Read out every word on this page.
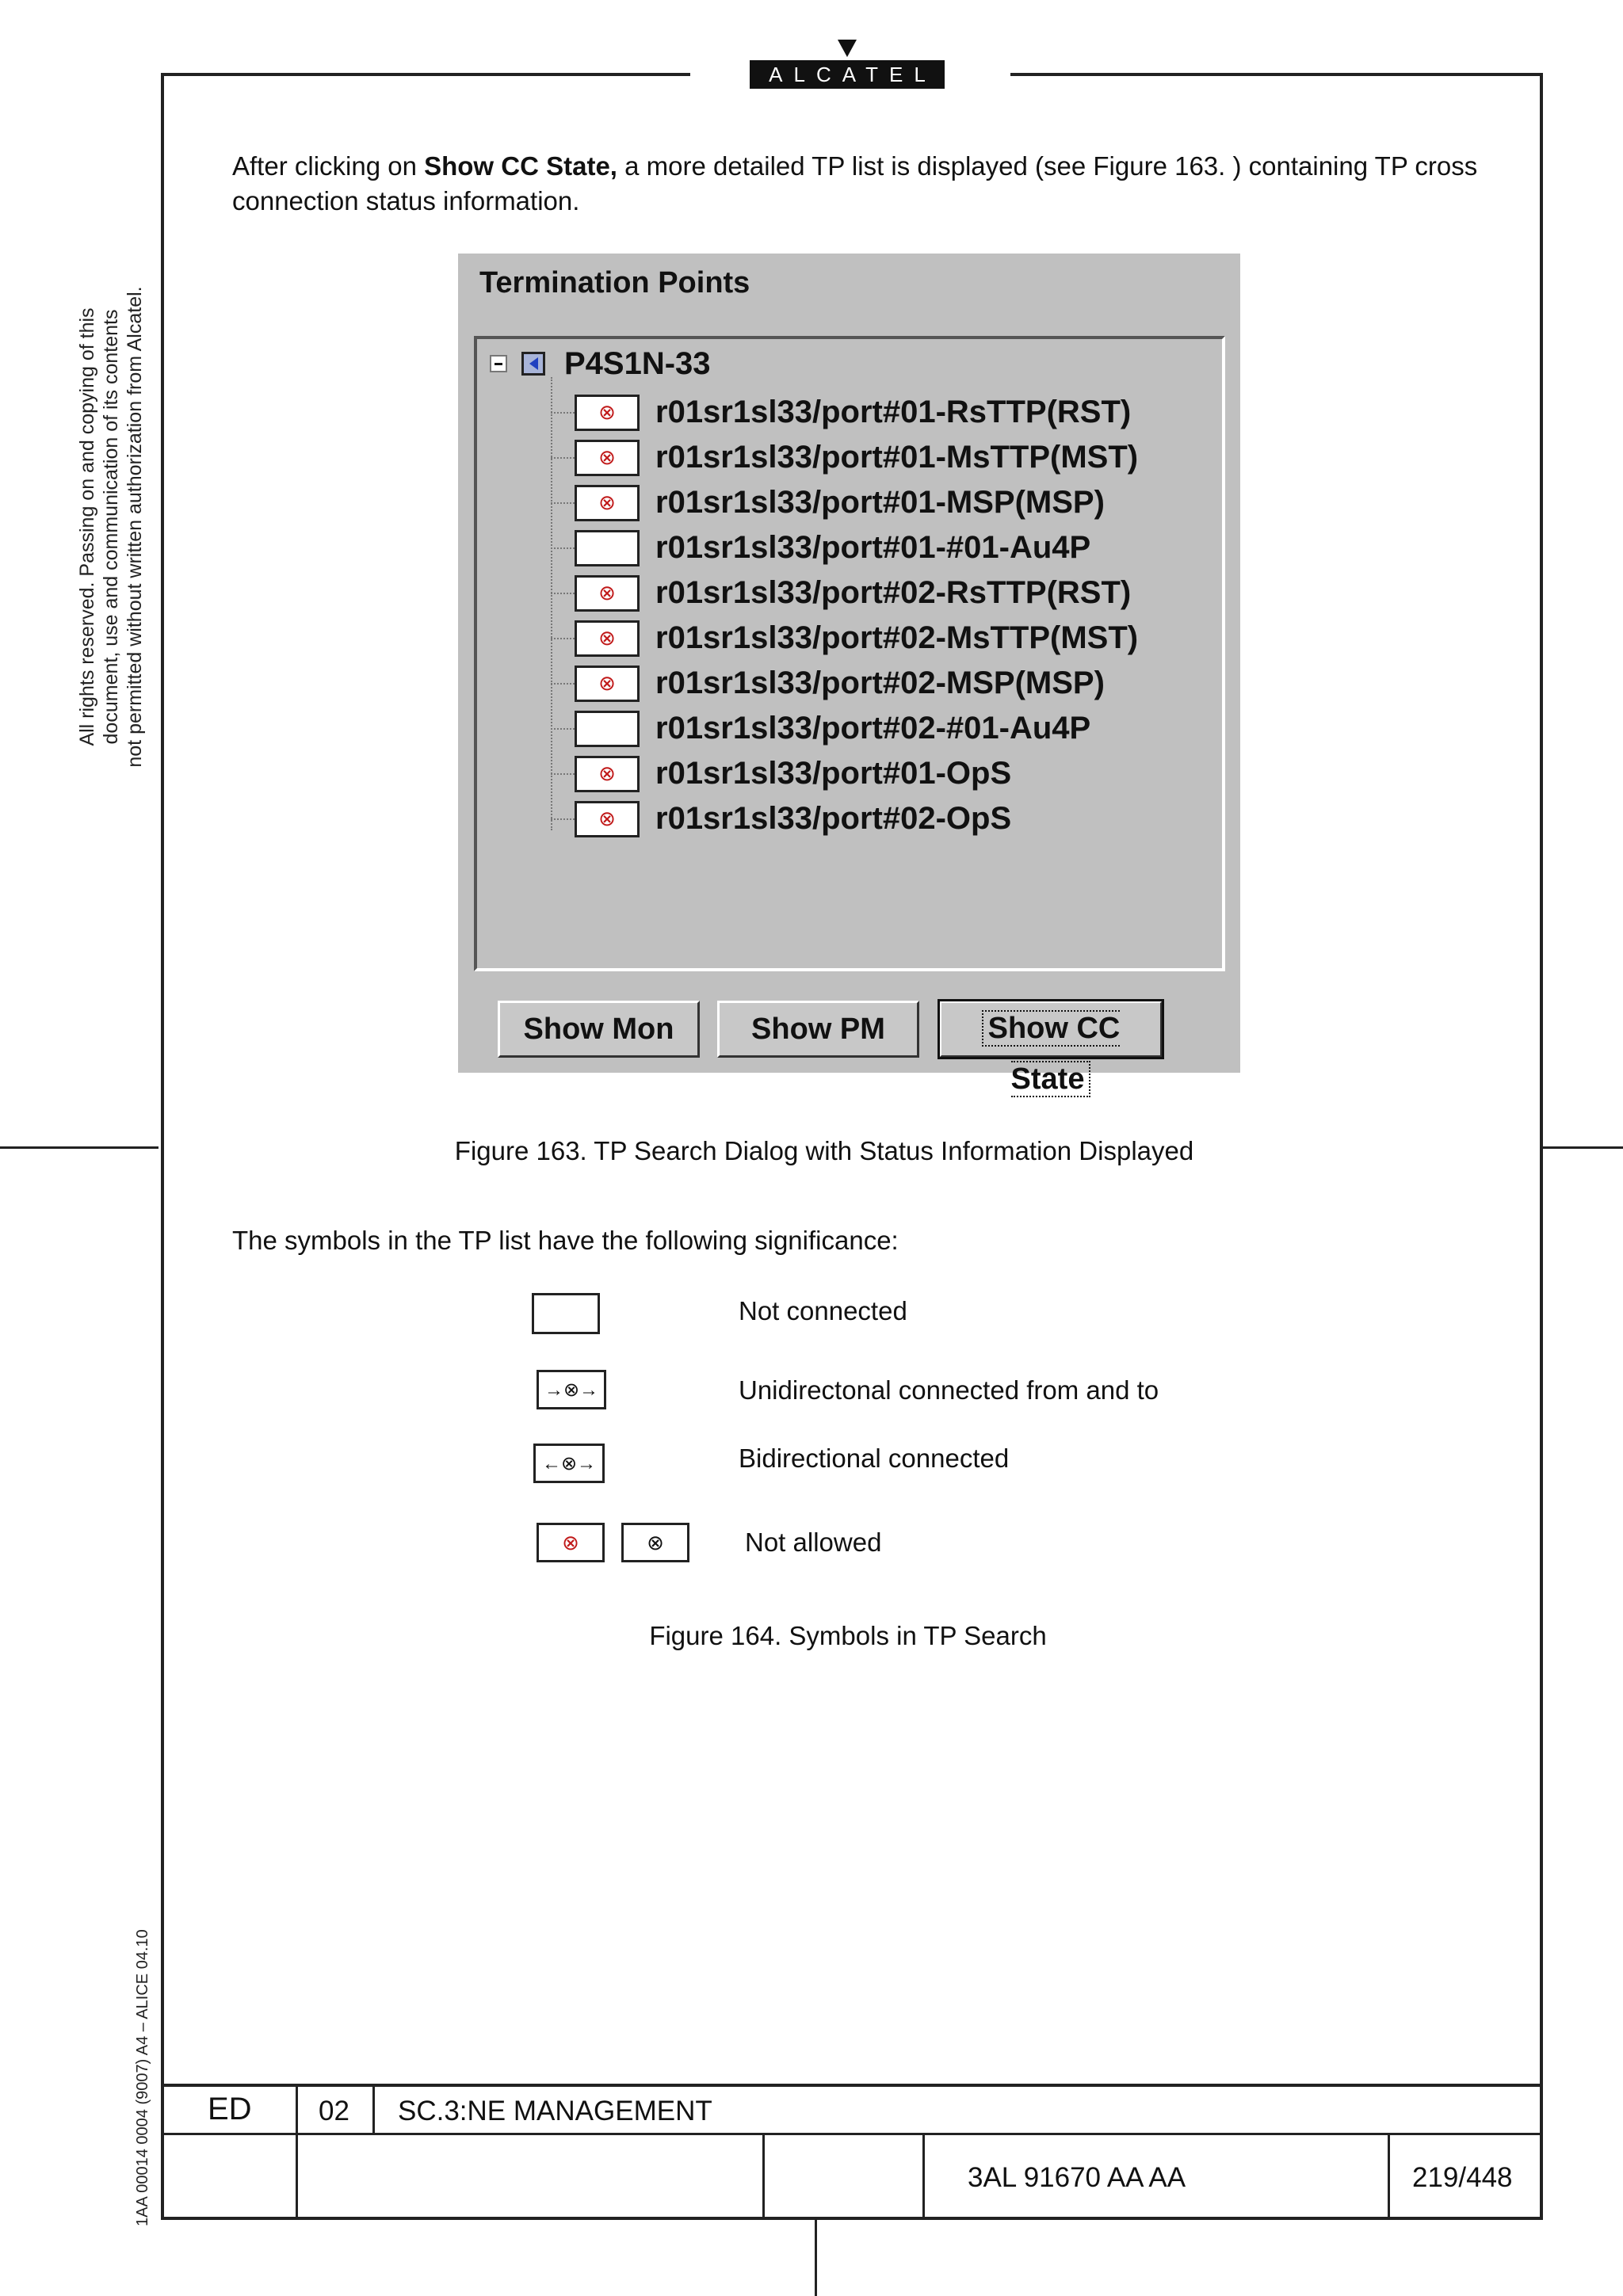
ALCATEL
All rights reserved. Passing on and copying of this document, use and communication of its contents not permitted without written authorization from Alcatel.
1AA 00014 0004 (9007) A4 – ALICE 04.10
After clicking on Show CC State, a more detailed TP list is displayed (see Figure 163. ) containing TP cross connection status information.
Termination Points
P4S1N-33
⊗	r01sr1sl33/port#01-RsTTP(RST)
⊗	r01sr1sl33/port#01-MsTTP(MST)
⊗	r01sr1sl33/port#01-MSP(MSP)
r01sr1sl33/port#01-#01-Au4P
⊗	r01sr1sl33/port#02-RsTTP(RST)
⊗	r01sr1sl33/port#02-MsTTP(MST)
⊗	r01sr1sl33/port#02-MSP(MSP)
r01sr1sl33/port#02-#01-Au4P
⊗	r01sr1sl33/port#01-OpS
⊗	r01sr1sl33/port#02-OpS
Show Mon	Show PM	Show CC State
Figure 163. TP Search Dialog with Status Information Displayed
The symbols in the TP list have the following significance:
Not connected
→⊗→	Unidirectonal connected from and to
←⊗→	Bidirectional connected
⊗	⊗	Not allowed
Figure 164. Symbols in TP Search
ED 02 SC.3:NE MANAGEMENT
3AL 91670 AA AA	219/448
